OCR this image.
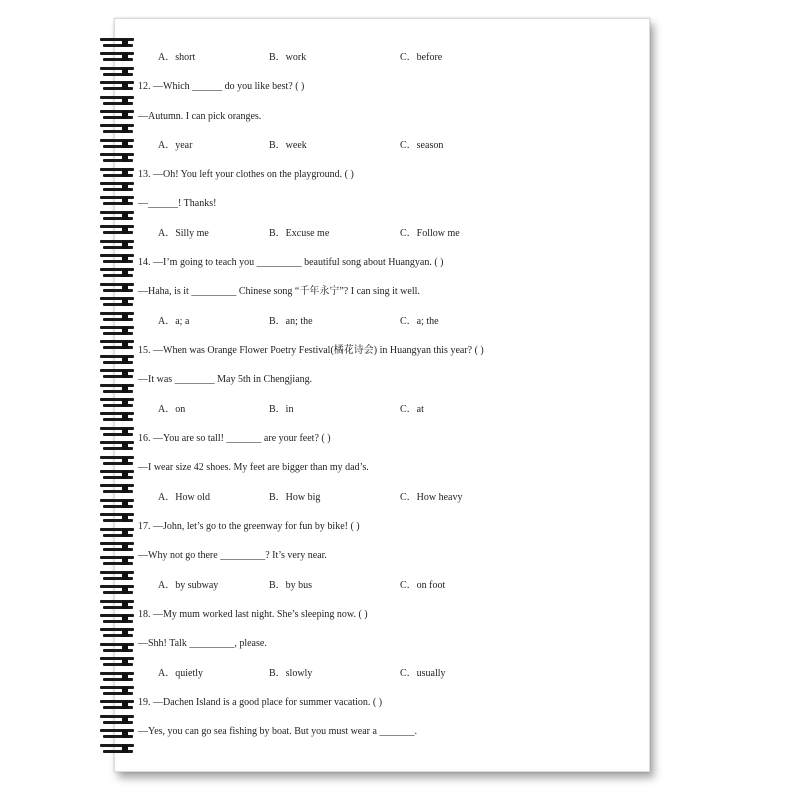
A．short	B．work	C．before
12. —Which ______ do you like best? ( )
—Autumn. I can pick oranges.
A．year	B．week	C．season
13. —Oh! You left your clothes on the playground. ( )
—______! Thanks!
A．Silly me	B．Excuse me	C．Follow me
14. —I’m going to teach you _________ beautiful song about Huangyan. ( )
—Haha, is it _________ Chinese song “千年永宁”? I can sing it well.
A．a; a	B．an; the	C．a; the
15. —When was Orange Flower Poetry Festival(橘花诗会) in Huangyan this year? ( )
—It was ________ May 5th in Chengjiang.
A．on	B．in	C．at
16. —You are so tall! _______ are your feet? ( )
—I wear size 42 shoes. My feet are bigger than my dad’s.
A．How old	B．How big	C．How heavy
17. —John, let’s go to the greenway for fun by bike! ( )
—Why not go there _________? It’s very near.
A．by subway	B．by bus	C．on foot
18. —My mum worked last night. She’s sleeping now. ( )
—Shh! Talk _________, please.
A．quietly	B．slowly	C．usually
19. —Dachen Island is a good place for summer vacation. ( )
—Yes, you can go sea fishing by boat. But you must wear a _______.
